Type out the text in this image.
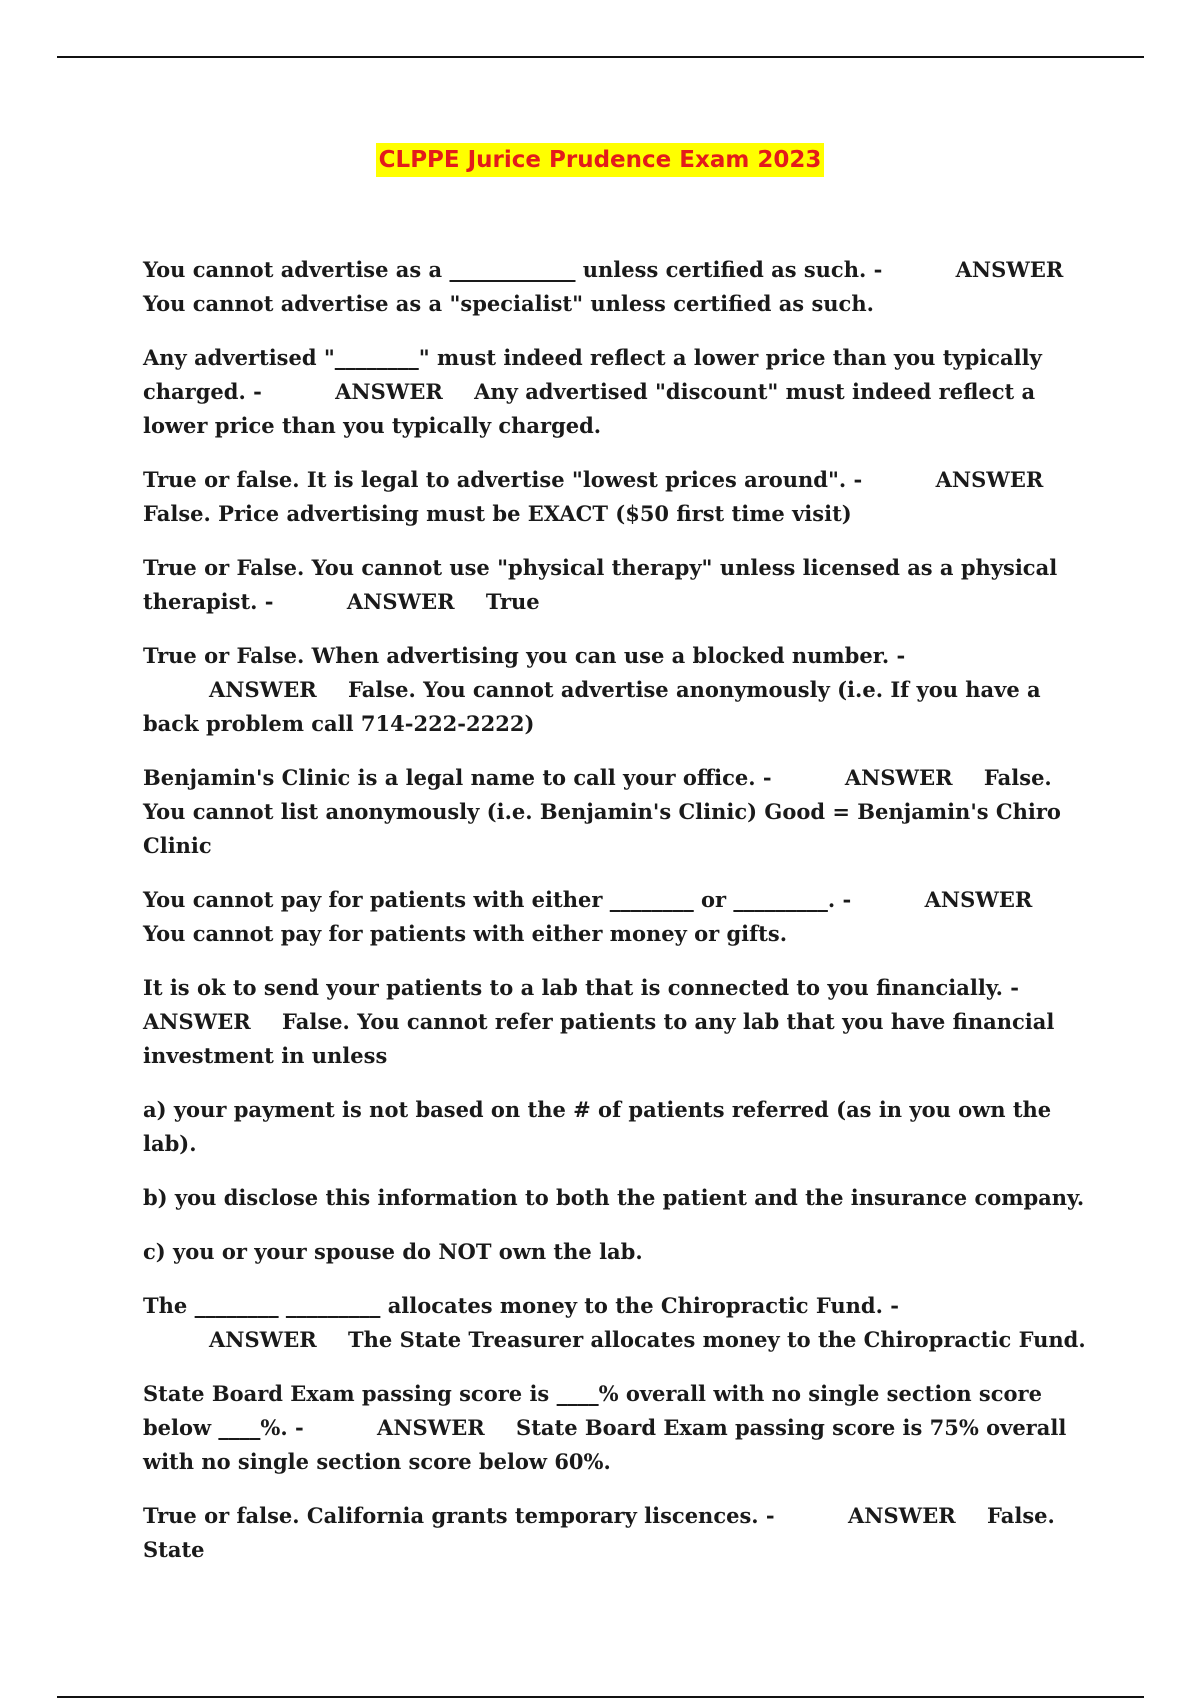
CLPPE Jurice Prudence Exam 2023

You cannot advertise as a ____________ unless certified as such. -	ANSWER You cannot advertise as a "specialist" unless certified as such.

Any advertised "________" must indeed reflect a lower price than you typically charged. -	ANSWER Any advertised "discount" must indeed reflect a lower price than you typically charged.

True or false. It is legal to advertise "lowest prices around". -	ANSWER False. Price advertising must be EXACT ($50 first time visit)

True or False. You cannot use "physical therapy" unless licensed as a physical therapist. -	ANSWER True

True or False. When advertising you can use a blocked number. - ANSWER False. You cannot advertise anonymously (i.e. If you have a back problem call 714-222-2222)

Benjamin's Clinic is a legal name to call your office. -	ANSWER False. You cannot list anonymously (i.e. Benjamin's Clinic) Good = Benjamin's Chiro Clinic

You cannot pay for patients with either ________ or _________. -	ANSWER You cannot pay for patients with either money or gifts.

It is ok to send your patients to a lab that is connected to you financially. - ANSWER False. You cannot refer patients to any lab that you have financial investment in unless

a) your payment is not based on the # of patients referred (as in you own the lab).

b) you disclose this information to both the patient and the insurance company.

c) you or your spouse do NOT own the lab.

The ________ _________ allocates money to the Chiropractic Fund. - ANSWER The State Treasurer allocates money to the Chiropractic Fund.

State Board Exam passing score is ____% overall with no single section score below ____%. -	ANSWER State Board Exam passing score is 75% overall with no single section score below 60%.

True or false. California grants temporary liscences. -	ANSWER False. State
